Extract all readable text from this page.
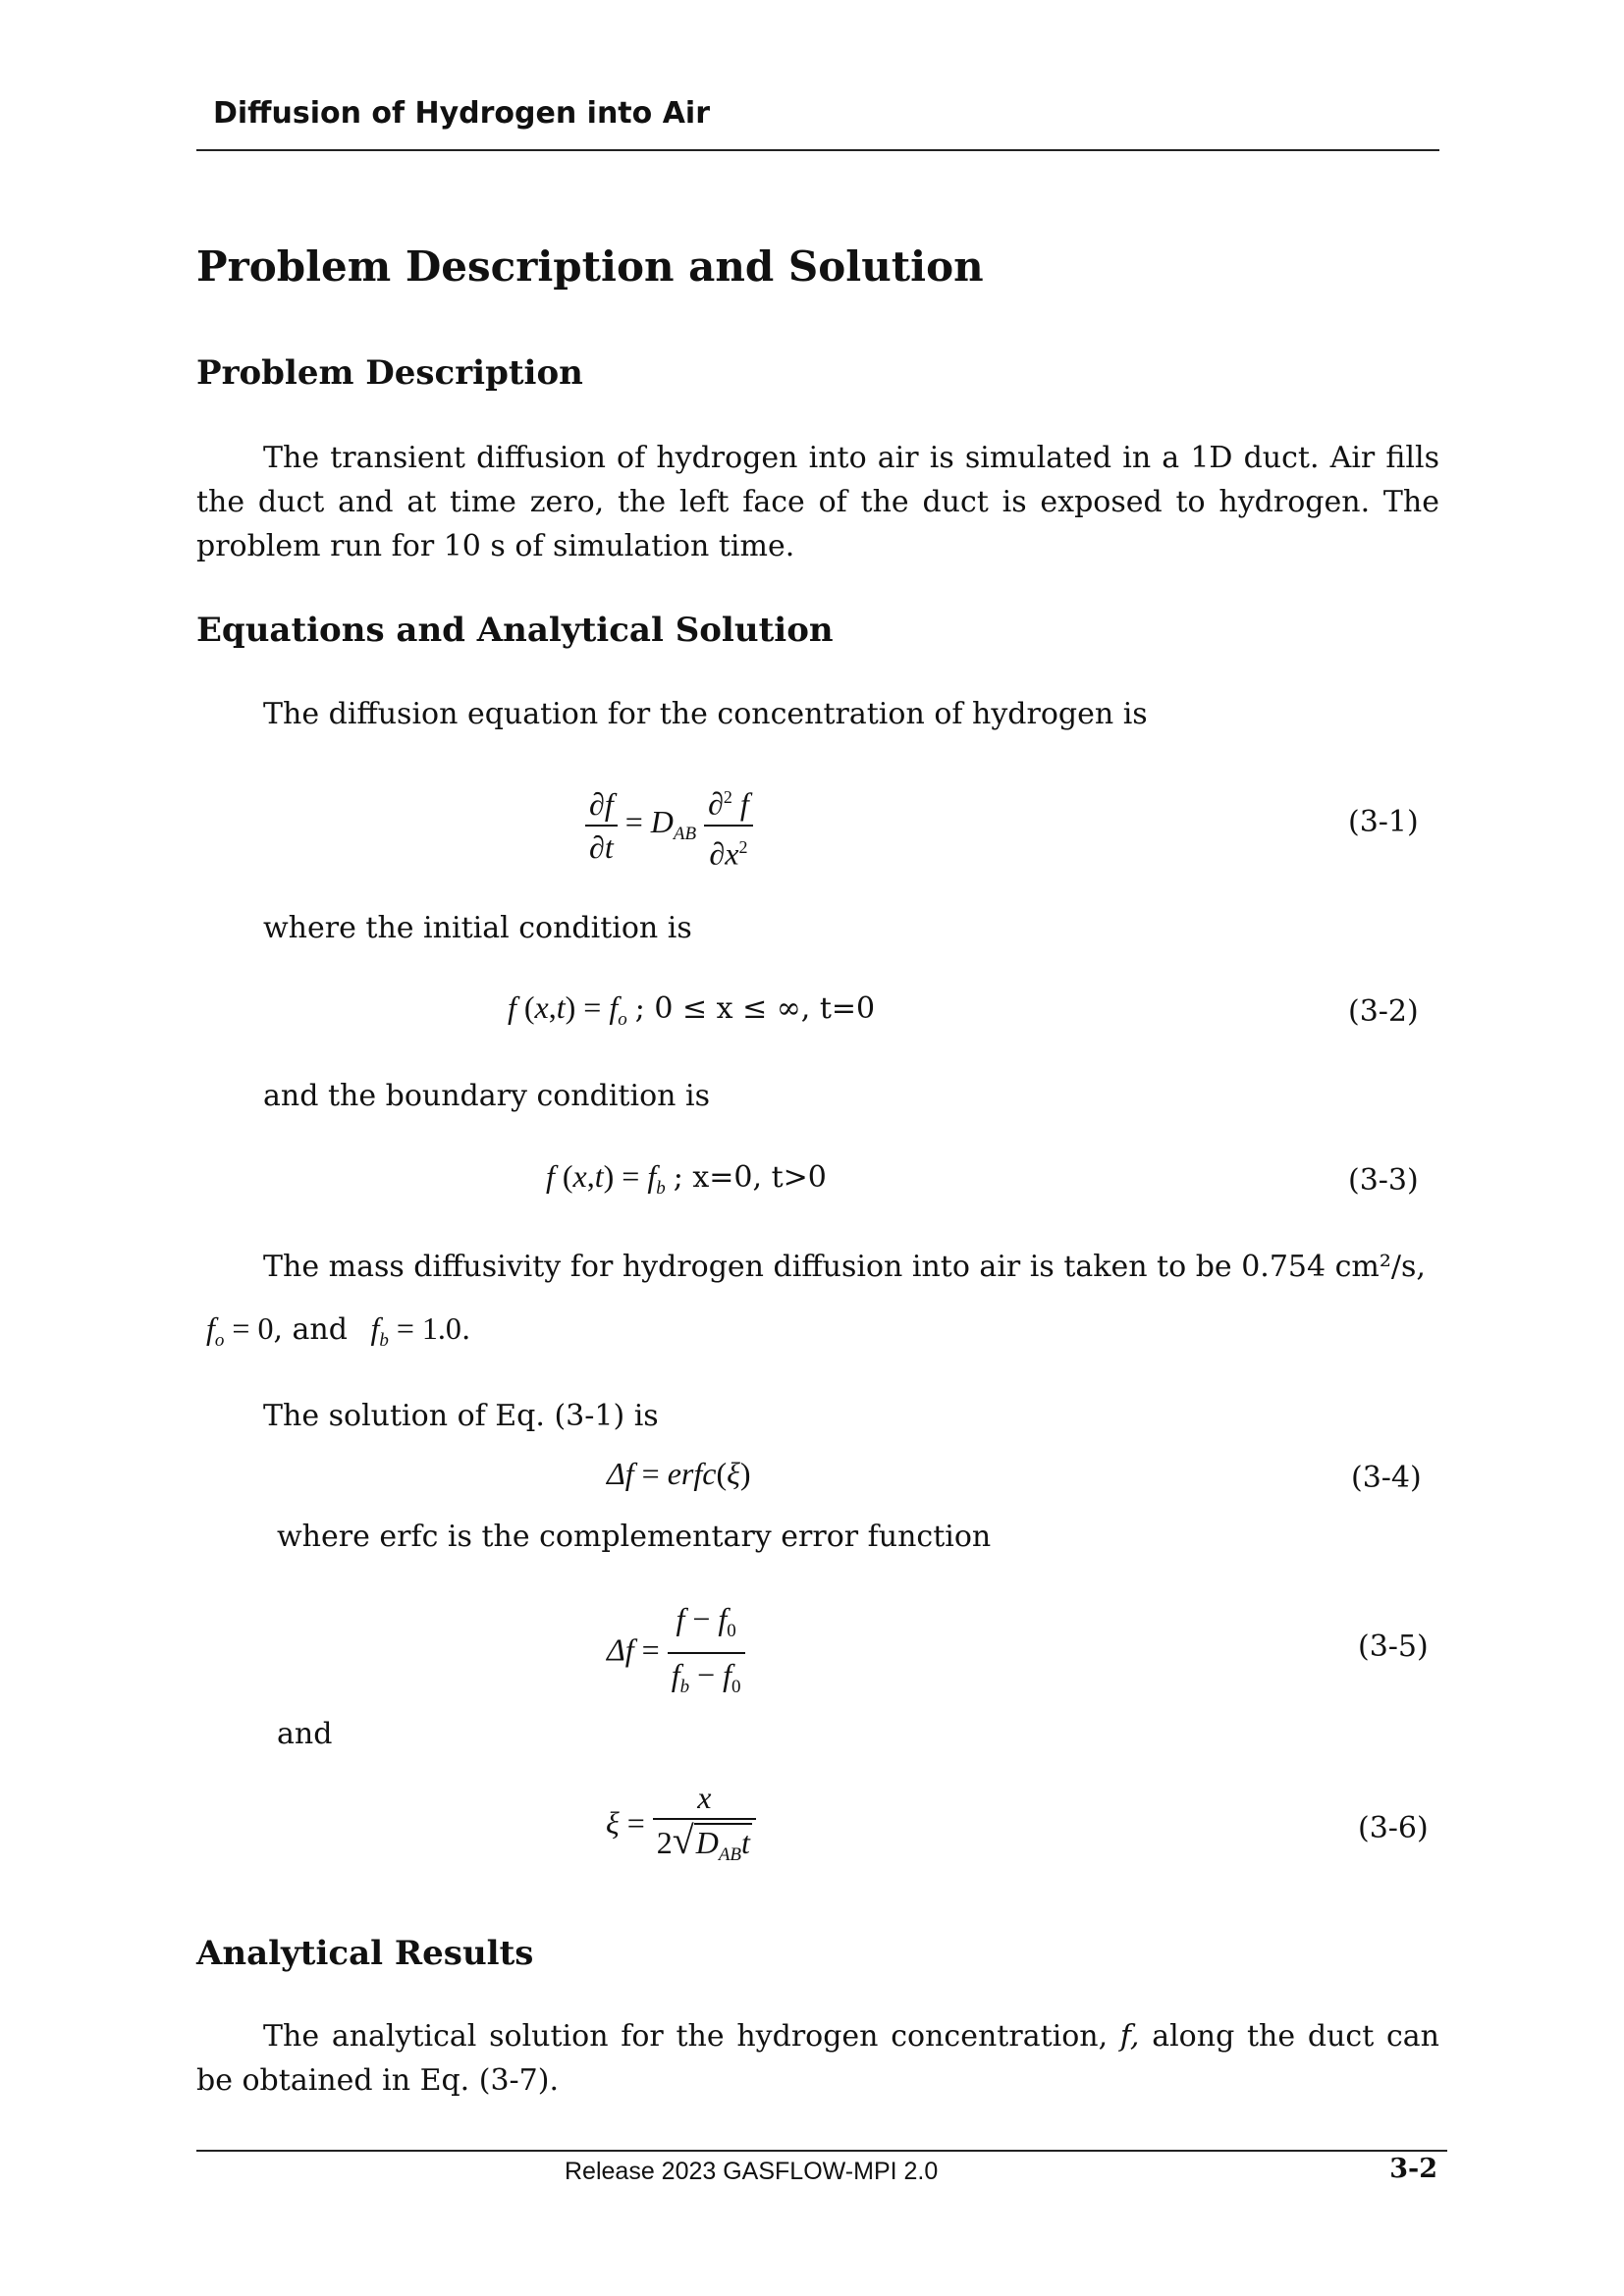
Diffusion of Hydrogen into Air
Problem Description and Solution
Problem Description
The transient diffusion of hydrogen into air is simulated in a 1D duct. Air fills the duct and at time zero, the left face of the duct is exposed to hydrogen. The problem run for 10 s of simulation time.
Equations and Analytical Solution
The diffusion equation for the concentration of hydrogen is
$\frac{\partial f}{\partial t} = D_{AB} \frac{\partial^2 f}{\partial x^2}$	(3-1)
where the initial condition is
f $(x,t) = f_o$ ; 0 ≤ x ≤ ∞, t=0	(3-2)
and the boundary condition is
f $(x,t) = f_b$ ; x=0, t>0	(3-3)
The mass diffusivity for hydrogen diffusion into air is taken to be 0.754 cm²/s,
$f_o = 0$, and $f_b = 1.0$.
The solution of Eq. (3-1) is
Δf = erfc(ξ)	(3-4)
where erfc is the complementary error function
$\Delta f = \frac{f - f_0}{f_b - f_0}$	(3-5)
and
$\xi = \frac{x}{2√D_{AB}t}$	(3-6)
Analytical Results
The analytical solution for the hydrogen concentration, f, along the duct can be obtained in Eq. (3-7).
Release 2023 GASFLOW-MPI 2.0	3-2
